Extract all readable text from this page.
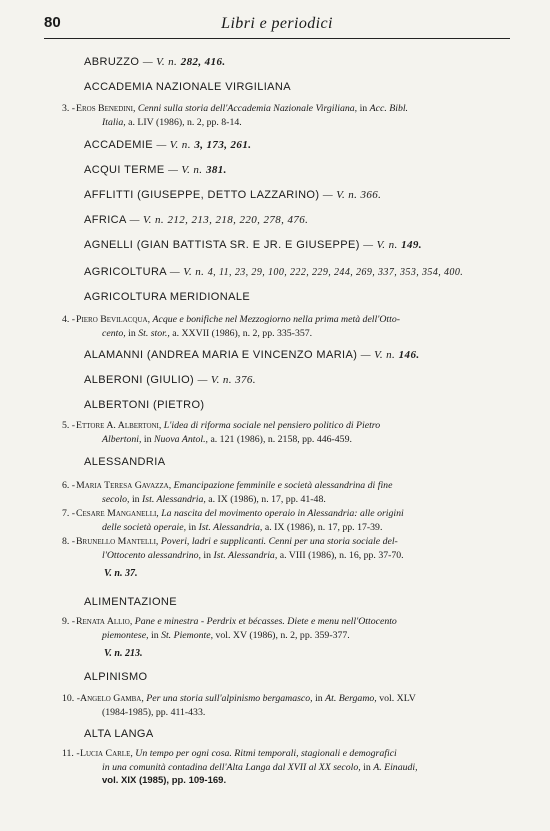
80	Libri e periodici
ABRUZZO — V. n. 282, 416.
ACCADEMIA NAZIONALE VIRGILIANA
3. - Eros Benedini, Cenni sulla storia dell'Accademia Nazionale Virgiliana, in Acc. Bibl.
Italia, a. LIV (1986), n. 2, pp. 8-14.
ACCADEMIE — V. n. 3, 173, 261.
ACQUI TERME — V. n. 381.
AFFLITTI (GIUSEPPE, DETTO LAZZARINO) — V. n. 366.
AFRICA — V. n. 212, 213, 218, 220, 278, 476.
AGNELLI (GIAN BATTISTA SR. E JR. E GIUSEPPE) — V. n. 149.
AGRICOLTURA — V. n. 4, 11, 23, 29, 100, 222, 229, 244, 269, 337, 353, 354, 400.
AGRICOLTURA MERIDIONALE
4. - Piero Bevilacqua, Acque e bonifiche nel Mezzogiorno nella prima metà dell'Otto-
cento, in St. stor., a. XXVII (1986), n. 2, pp. 335-357.
ALAMANNI (ANDREA MARIA E VINCENZO MARIA) — V. n. 146.
ALBERONI (GIULIO) — V. n. 376.
ALBERTONI (PIETRO)
5. - Ettore A. Albertoni, L'idea di riforma sociale nel pensiero politico di Pietro
Albertoni, in Nuova Antol., a. 121 (1986), n. 2158, pp. 446-459.
ALESSANDRIA
6. - Maria Teresa Gavazza, Emancipazione femminile e società alessandrina di fine
secolo, in Ist. Alessandria, a. IX (1986), n. 17, pp. 41-48.
7. - Cesare Manganelli, La nascita del movimento operaio in Alessandria: alle origini
delle società operaie, in Ist. Alessandria, a. IX (1986), n. 17, pp. 17-39.
8. - Brunello Mantelli, Poveri, ladri e supplicanti. Cenni per una storia sociale del-
l'Ottocento alessandrino, in Ist. Alessandria, a. VIII (1986), n. 16, pp. 37-70.
V. n. 37.
ALIMENTAZIONE
9. - Renata Allio, Pane e minestra - Perdrix et bécasses. Diete e menu nell'Ottocento
piemontese, in St. Piemonte, vol. XV (1986), n. 2, pp. 359-377.
V. n. 213.
ALPINISMO
10. - Angelo Gamba, Per una storia sull'alpinismo bergamasco, in At. Bergamo, vol. XLV
(1984-1985), pp. 411-433.
ALTA LANGA
11. - Lucia Carle, Un tempo per ogni cosa. Ritmi temporali, stagionali e demografici
in una comunità contadina dell'Alta Langa dal XVII al XX secolo, in A. Einaudi,
vol. XIX (1985), pp. 109-169.
